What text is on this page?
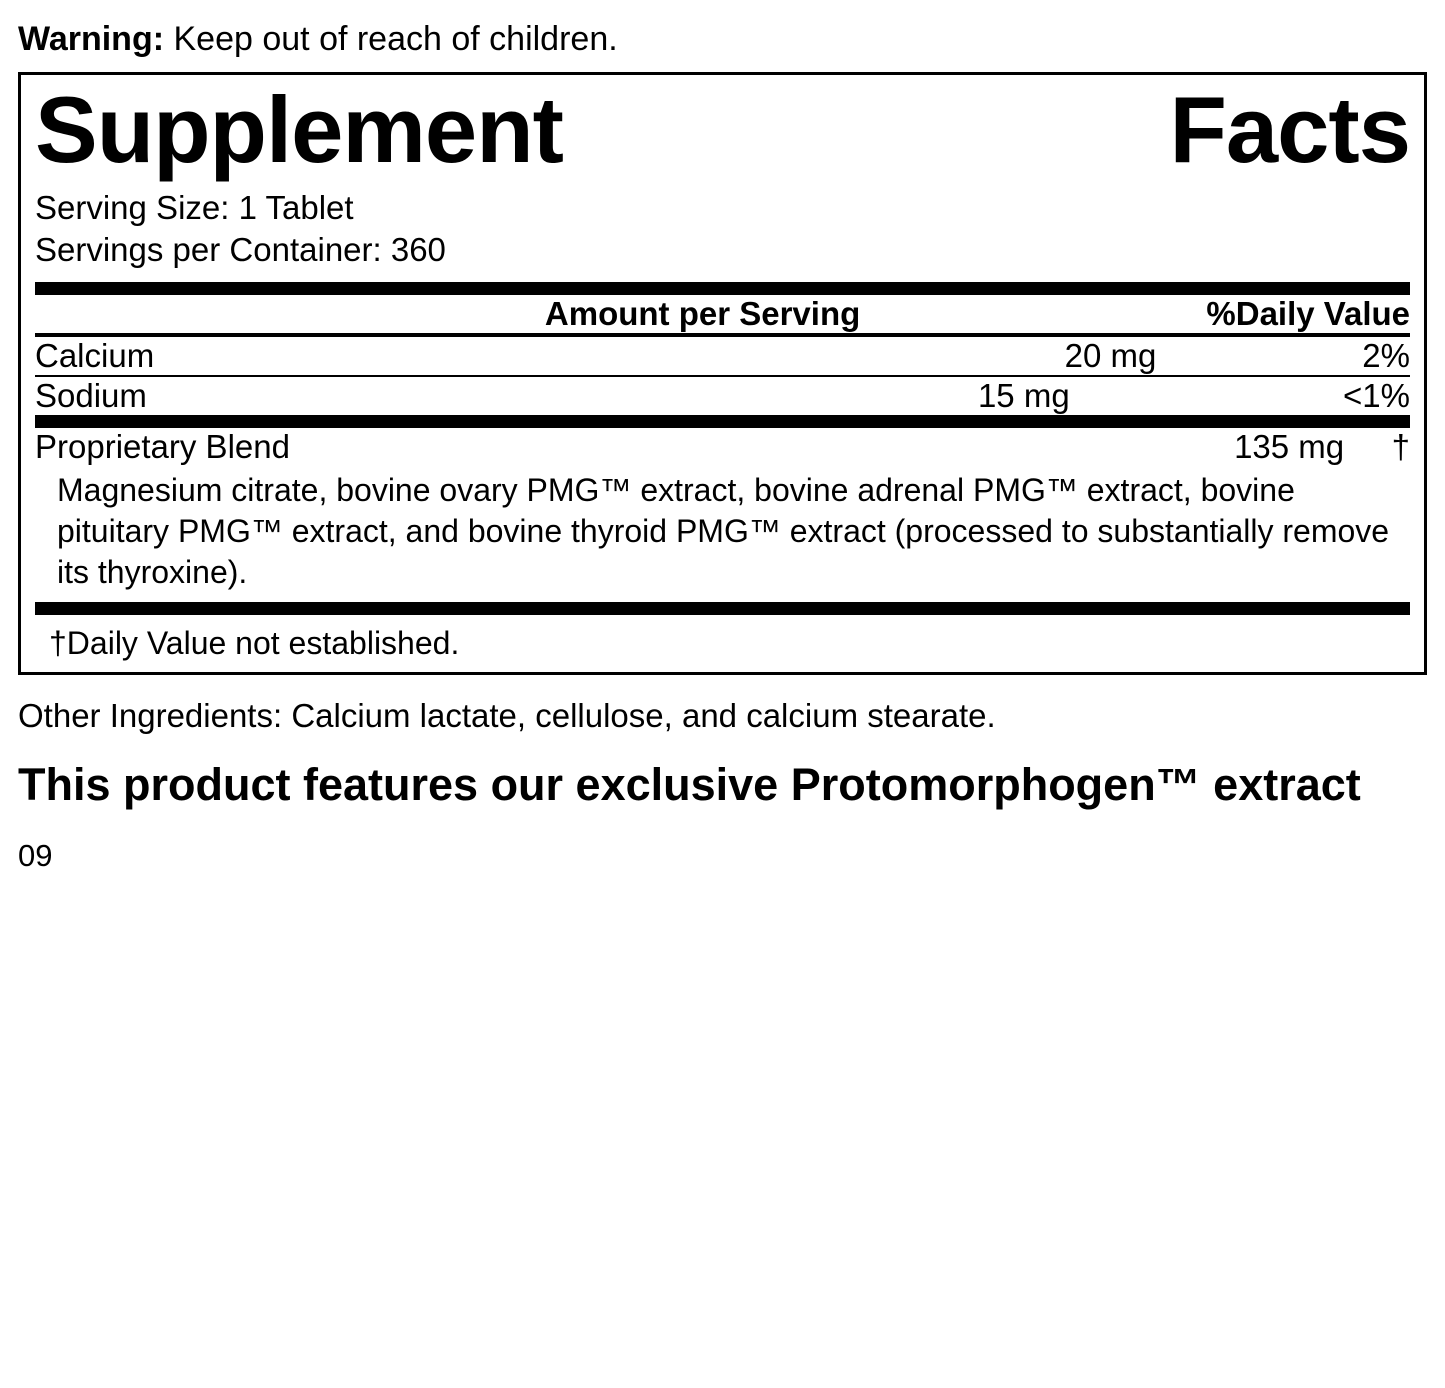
Warning: Keep out of reach of children.
Supplement	Facts
Serving Size: 1 Tablet
Servings per Container: 360
	Amount per Serving	%Daily Value
Calcium	20 mg	2%
Sodium	15 mg	<1%
Proprietary Blend	135 mg	†
Magnesium citrate, bovine ovary PMG™ extract, bovine adrenal PMG™ extract, bovine pituitary PMG™ extract, and bovine thyroid PMG™ extract (processed to substantially remove its thyroxine).
†Daily Value not established.
Other Ingredients: Calcium lactate, cellulose, and calcium stearate.
This product features our exclusive Protomorphogen™ extract
09
